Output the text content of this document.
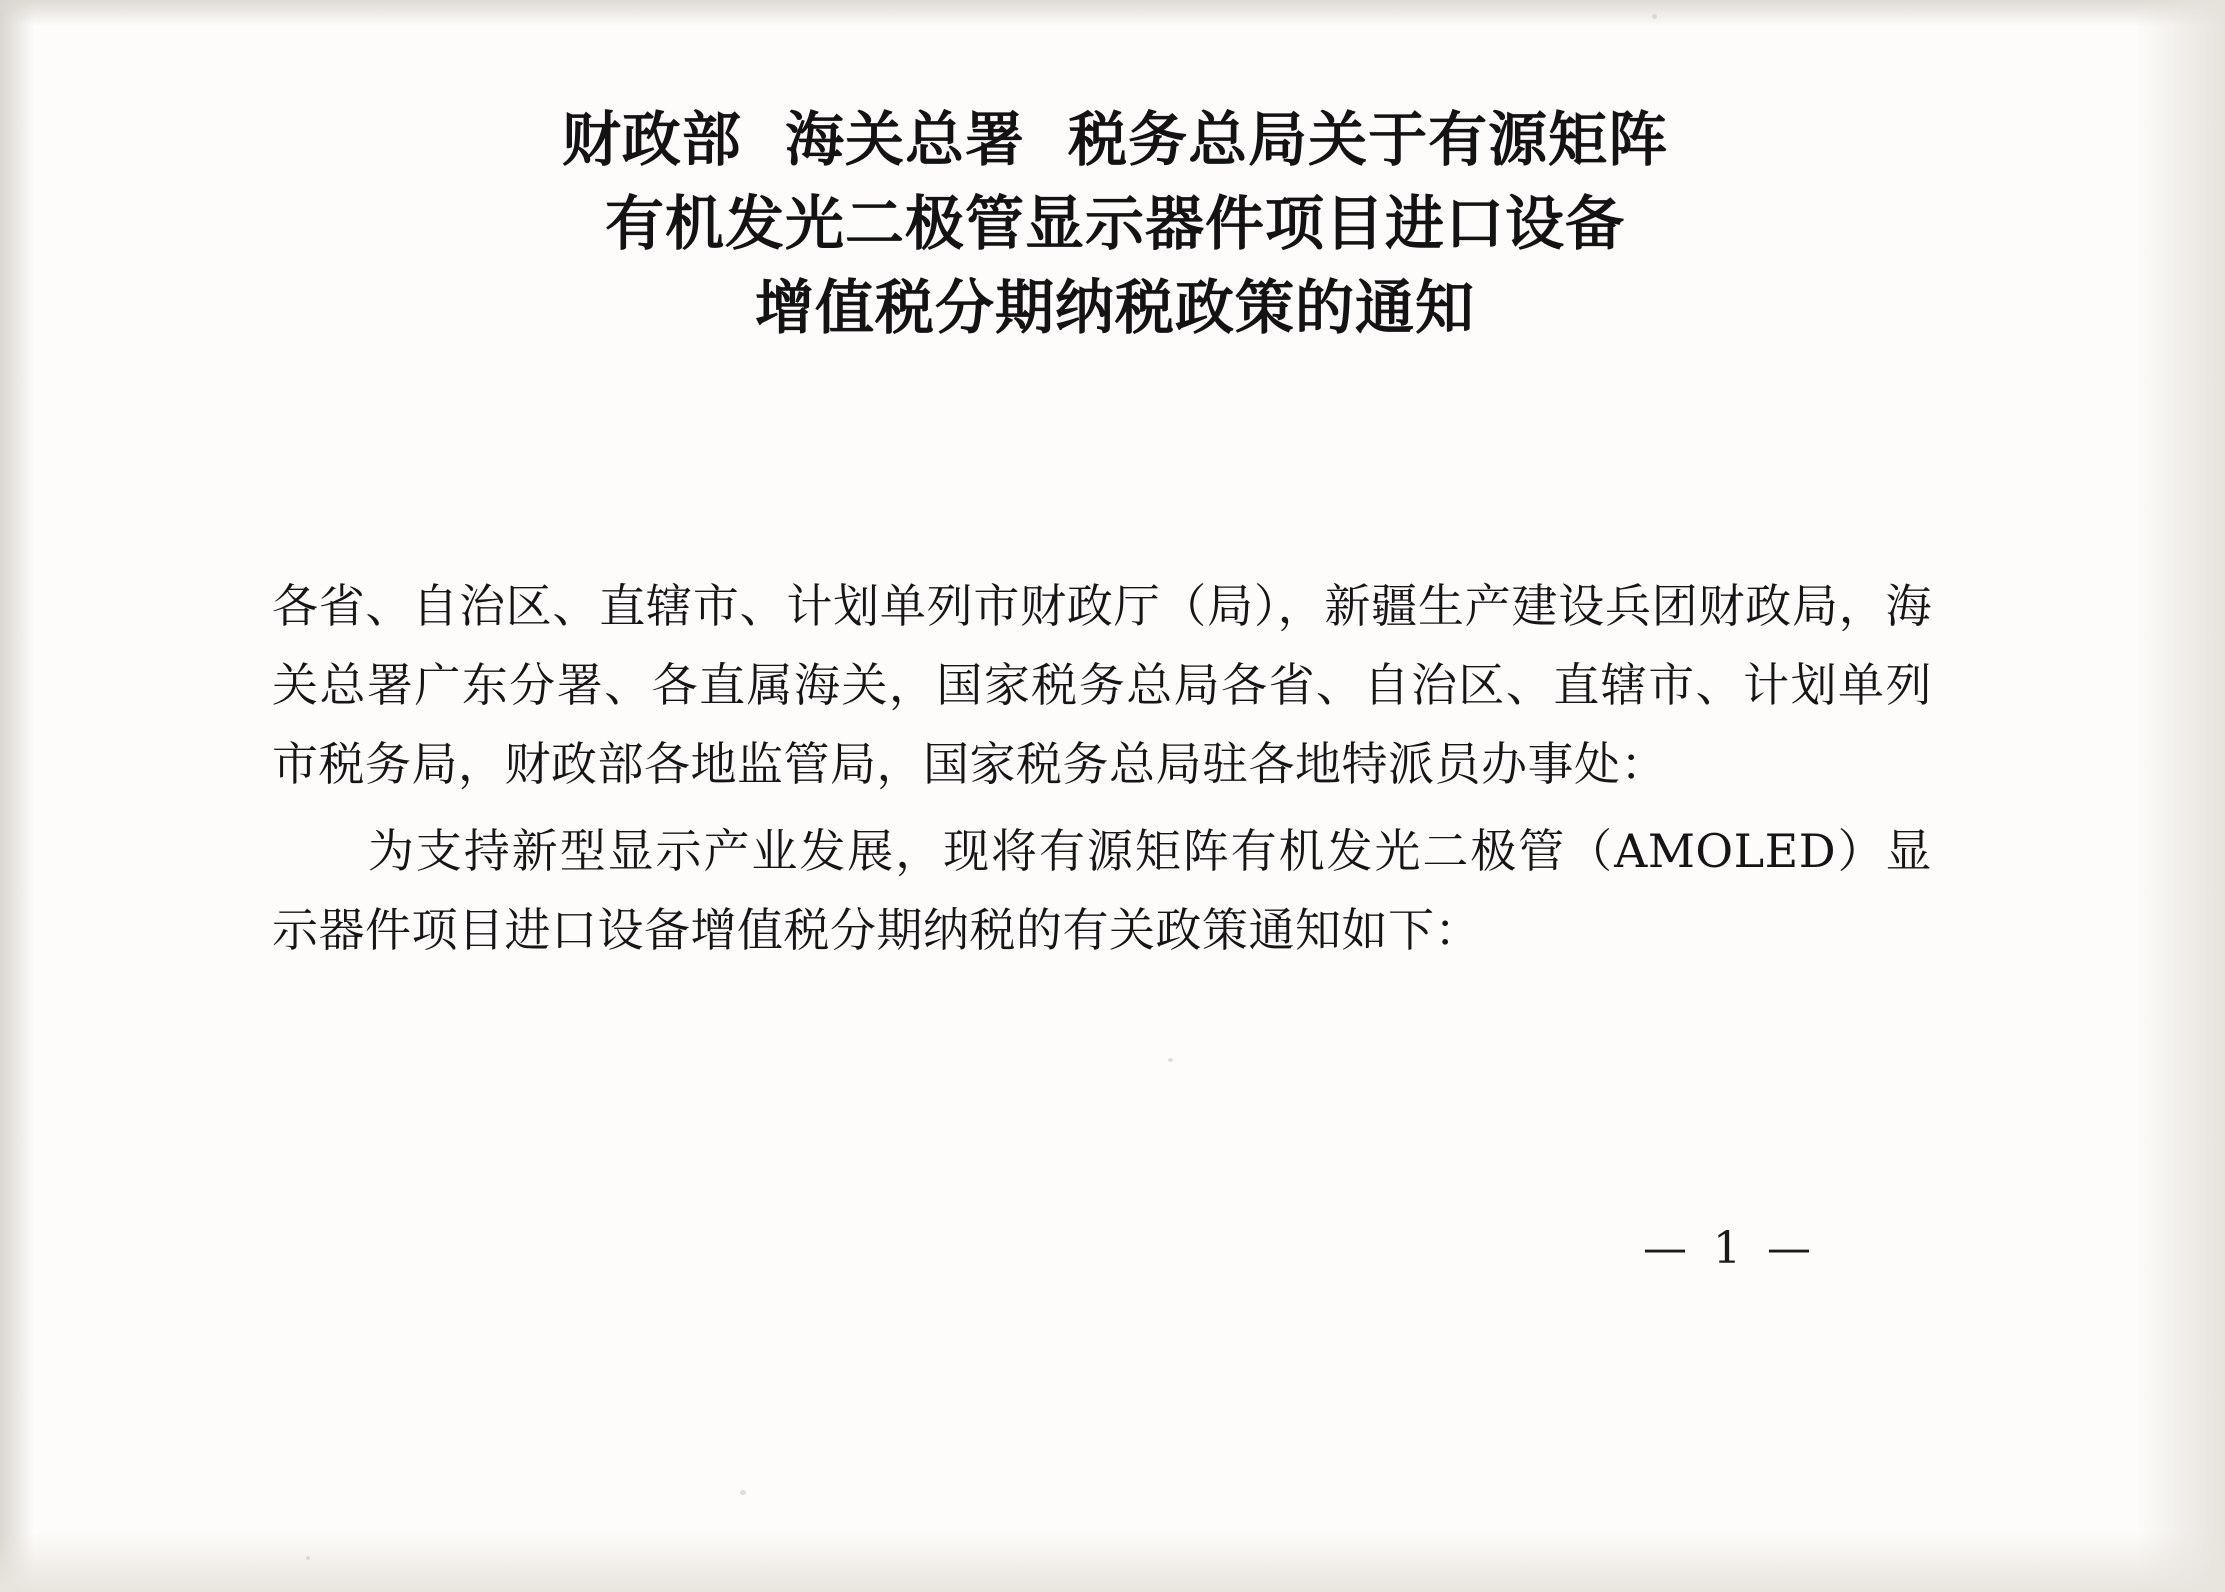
财政部  海关总署  税务总局关于有源矩阵
有机发光二极管显示器件项目进口设备
增值税分期纳税政策的通知

各省、自治区、直辖市、计划单列市财政厅（局），新疆生产建设兵团财政局，海关总署广东分署、各直属海关，国家税务总局各省、自治区、直辖市、计划单列市税务局，财政部各地监管局，国家税务总局驻各地特派员办事处：

为支持新型显示产业发展，现将有源矩阵有机发光二极管（AMOLED）显示器件项目进口设备增值税分期纳税的有关政策通知如下：

— 1 —
